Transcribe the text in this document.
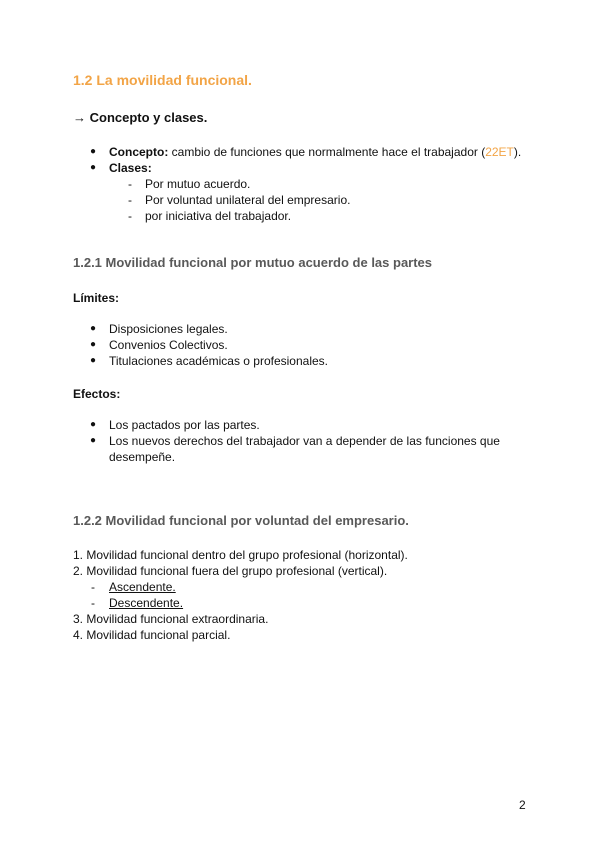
1.2 La movilidad funcional.
→ Concepto y clases.
● Concepto: cambio de funciones que normalmente hace el trabajador (22ET).
● Clases:
- Por mutuo acuerdo.
- Por voluntad unilateral del empresario.
- por iniciativa del trabajador.
1.2.1 Movilidad funcional por mutuo acuerdo de las partes
Límites:
● Disposiciones legales.
● Convenios Colectivos.
● Titulaciones académicas o profesionales.
Efectos:
● Los pactados por las partes.
● Los nuevos derechos del trabajador van a depender de las funciones que
desempeñe.
1.2.2 Movilidad funcional por voluntad del empresario.
1. Movilidad funcional dentro del grupo profesional (horizontal).
2. Movilidad funcional fuera del grupo profesional (vertical).
- Ascendente.
- Descendente.
3. Movilidad funcional extraordinaria.
4. Movilidad funcional parcial.
2
